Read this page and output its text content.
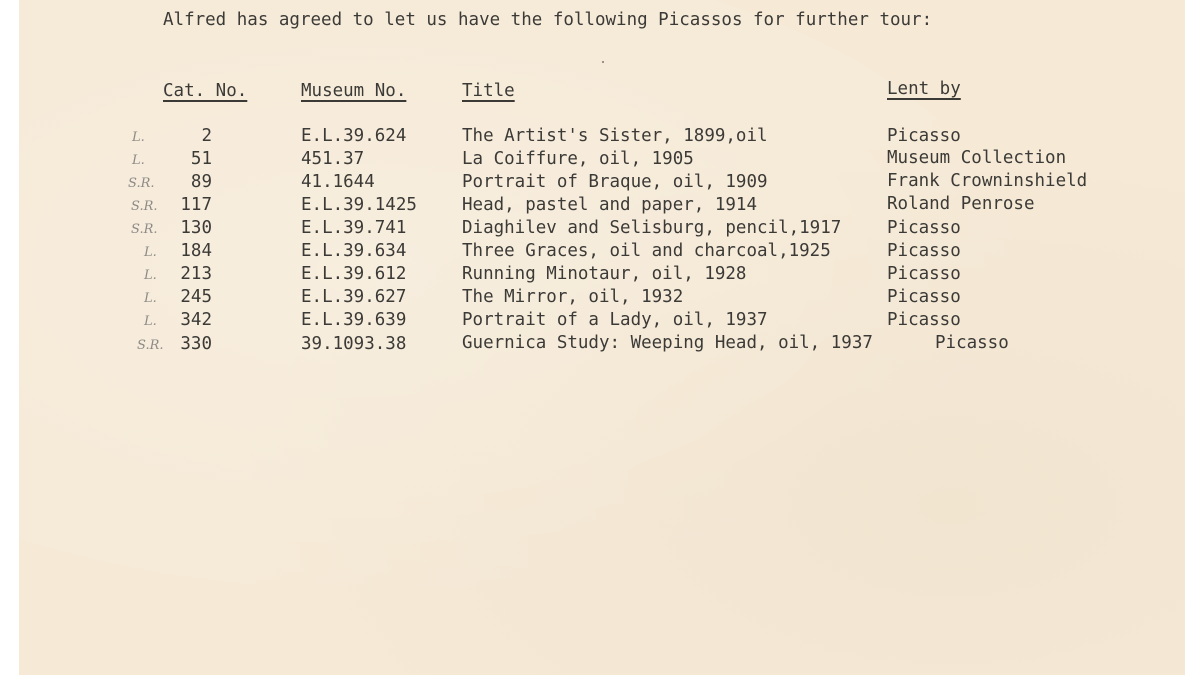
Alfred has agreed to let us have the following Picassos for further tour:
Cat. No.	Museum No.	Title	Lent by
L.	2	E.L.39.624	The Artist's Sister, 1899,oil	Picasso
L.	51	451.37	La Coiffure, oil, 1905	Museum Collection
S.R. 89	41.1644	Portrait of Braque, oil, 1909	Frank Crowninshield
S.R. 117	E.L.39.1425	Head, pastel and paper, 1914	Roland Penrose
S.R. 130	E.L.39.741	Diaghilev and Selisburg, pencil,1917	Picasso
L. 184	E.L.39.634	Three Graces, oil and charcoal,1925	Picasso
L. 213	E.L.39.612	Running Minotaur, oil, 1928	Picasso
L. 245	E.L.39.627	The Mirror, oil, 1932	Picasso
L. 342	E.L.39.639	Portrait of a Lady, oil, 1937	Picasso
S.R. 330	39.1093.38	Guernica Study: Weeping Head, oil, 1937	Picasso
